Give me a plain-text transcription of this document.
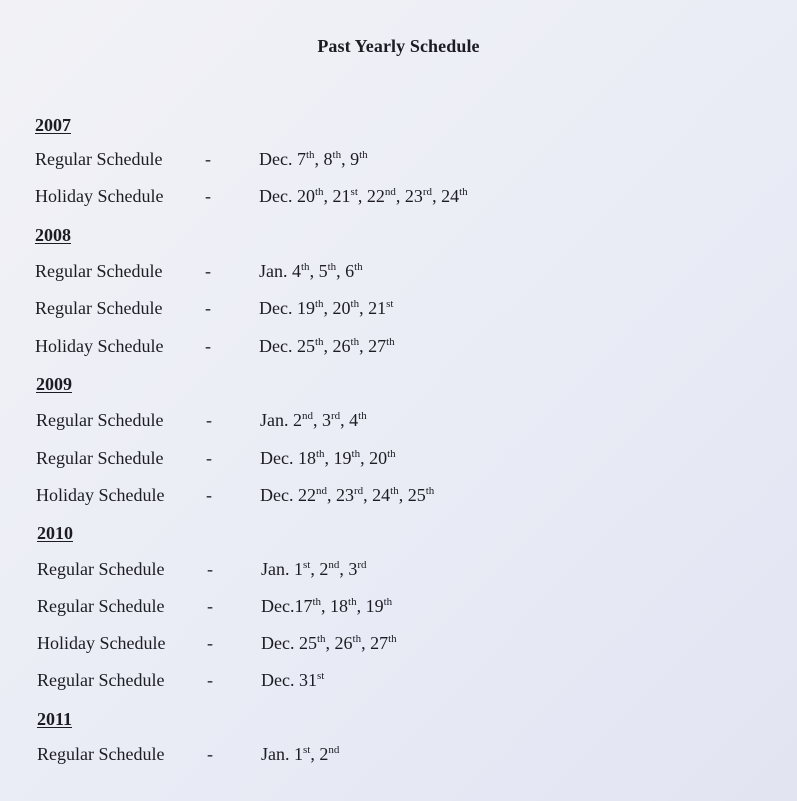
Past Yearly Schedule
2007
Regular Schedule -	Dec. 7th, 8th, 9th
Holiday Schedule -	Dec. 20th, 21st, 22nd, 23rd, 24th
2008
Regular Schedule -	Jan. 4th, 5th, 6th
Regular Schedule -	Dec. 19th, 20th, 21st
Holiday Schedule -	Dec. 25th, 26th, 27th
2009
Regular Schedule -	Jan. 2nd, 3rd, 4th
Regular Schedule -	Dec. 18th, 19th, 20th
Holiday Schedule -	Dec. 22nd, 23rd, 24th, 25th
2010
Regular Schedule -	Jan. 1st, 2nd, 3rd
Regular Schedule -	Dec.17th, 18th, 19th
Holiday Schedule -	Dec. 25th, 26th, 27th
Regular Schedule -	Dec. 31st
2011
Regular Schedule -	Jan. 1st, 2nd
